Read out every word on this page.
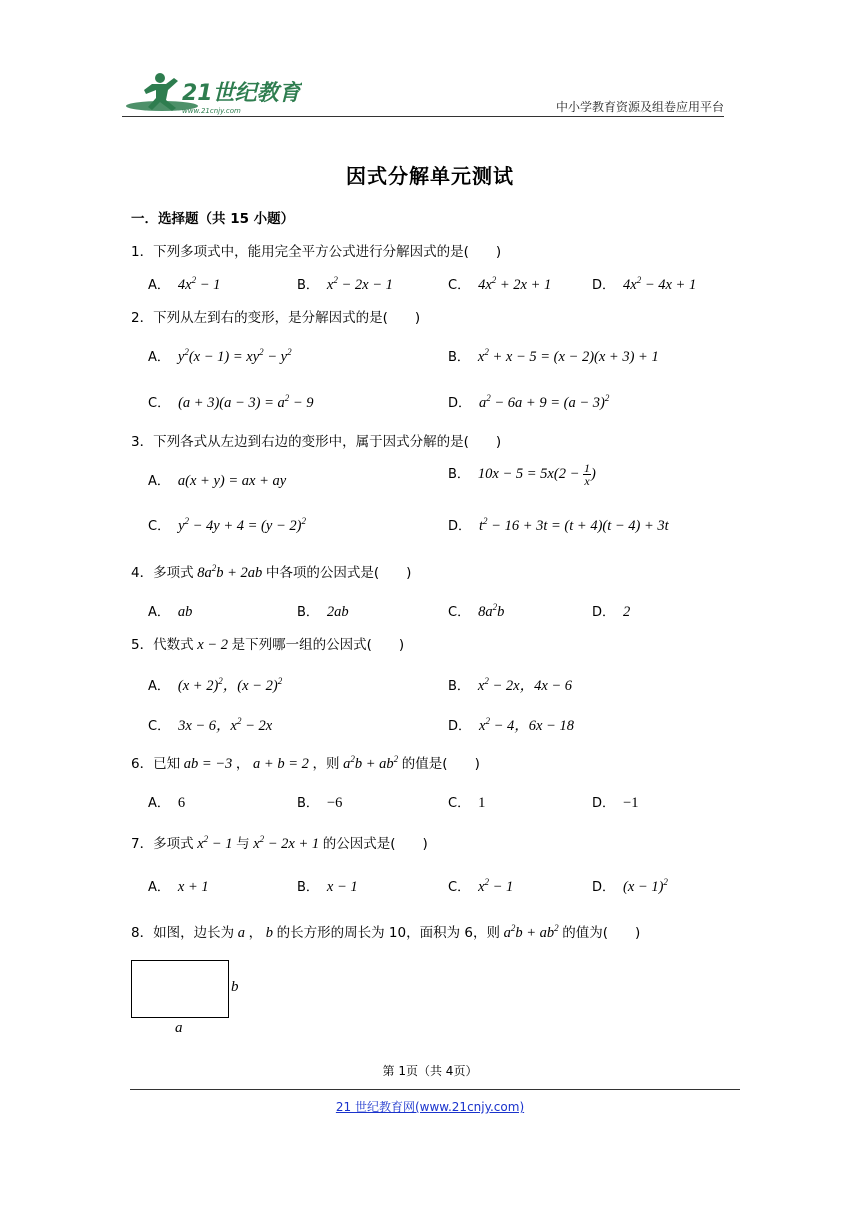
21世纪教育
www.21cnjy.com	中小学教育资源及组卷应用平台
因式分解单元测试
一．选择题（共 15 小题）
1．下列多项式中，能用完全平方公式进行分解因式的是(　　)
A． $4x^2 - 1$	B． $x^2 - 2x - 1$	C． $4x^2 + 2x + 1$	D． $4x^2 - 4x + 1$
2．下列从左到右的变形，是分解因式的是(　　)
A． $y^2(x - 1) = xy^2 - y^2$	B． $x^2 + x - 5 = (x - 2)(x + 3) + 1$
C． $(a + 3)(a - 3) = a^2 - 9$	D． $a^2 - 6a + 9 = (a - 3)^2$
3．下列各式从左边到右边的变形中，属于因式分解的是(　　)
A． a(x + y) = ax + ay	B． $10x - 5 = 5x(2 - \frac{1}{x}$ )
C． $y^2 - 4y + 4 = (y - 2)^2$	D． $t^2 - 16 + 3t = (t + 4)(t - 4) + 3t$
4．多项式 $8a^2b + 2ab$ 中各项的公因式是(　　)
A． ab	B． 2ab	C． $8a^2b$	D． 2
5．代数式 x − 2 是下列哪一组的公因式(　　)
A． $(x + 2)^2$，$(x - 2)^2$	B． $x^2 - 2x$，4x − 6
C． 3x − 6，$x^2 - 2x$	D． $x^2 - 4$，6x − 18
6．已知 ab = −3 ， a + b = 2 ，则 $a^2b + ab^2$ 的值是(　　)
A． 6	B． −6	C． 1	D． −1
7．多项式 $x^2 - 1$ 与 $x^2 - 2x + 1$ 的公因式是(　　)
A． x + 1	B． x − 1	C． $x^2 - 1$	D． $(x - 1)^2$
8．如图，边长为 a ， b 的长方形的周长为 10，面积为 6，则 $a^2b + ab^2$ 的值为(　　)
b
a
第 1页（共 4页）
21 世纪教育网(www.21cnjy.com)
